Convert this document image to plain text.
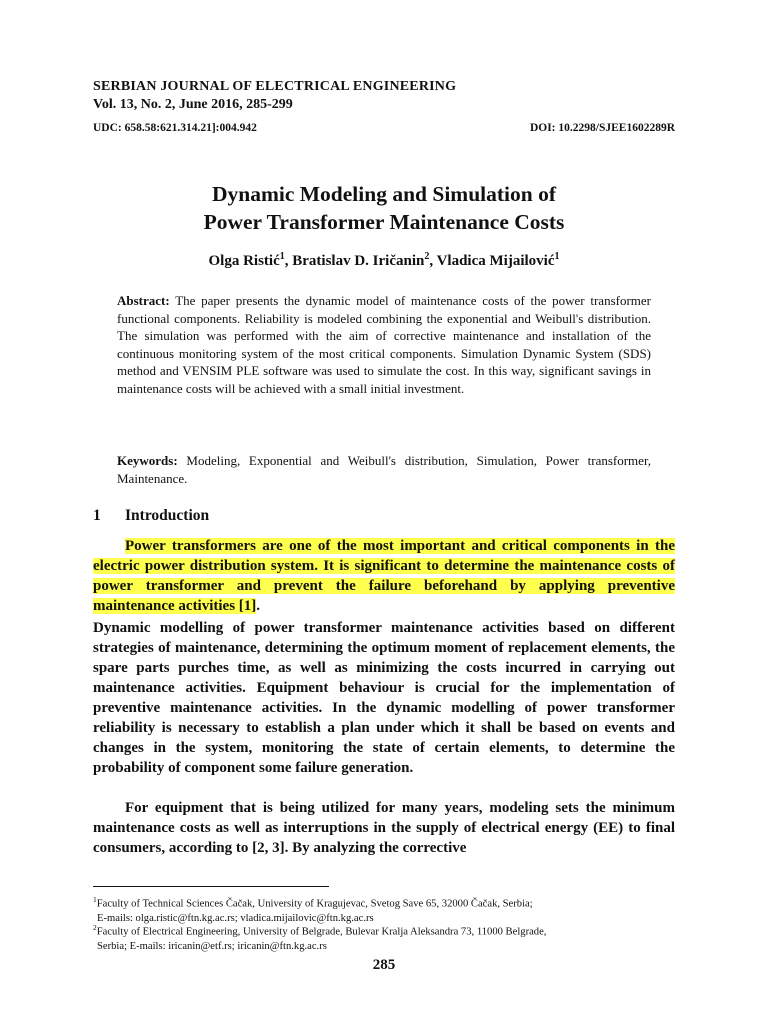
SERBIAN JOURNAL OF ELECTRICAL ENGINEERING
Vol. 13, No. 2, June 2016, 285-299
UDC: 658.58:621.314.21]:004.942	DOI: 10.2298/SJEE1602289R
Dynamic Modeling and Simulation of
Power Transformer Maintenance Costs
Olga Ristić$^1$, Bratislav D. Iričanin$^2$, Vladica Mijailović$^1$
Abstract: The paper presents the dynamic model of maintenance costs of the power transformer functional components. Reliability is modeled combining the exponential and Weibull's distribution. The simulation was performed with the aim of corrective maintenance and installation of the continuous monitoring system of the most critical components. Simulation Dynamic System (SDS) method and VENSIM PLE software was used to simulate the cost. In this way, significant savings in maintenance costs will be achieved with a small initial investment.
Keywords: Modeling, Exponential and Weibull's distribution, Simulation, Power transformer, Maintenance.
1 Introduction
Power transformers are one of the most important and critical components in the electric power distribution system. It is significant to determine the maintenance costs of power transformer and prevent the failure beforehand by applying preventive maintenance activities [1].
Dynamic modelling of power transformer maintenance activities based on different strategies of maintenance, determining the optimum moment of replacement elements, the spare parts purches time, as well as minimizing the costs incurred in carrying out maintenance activities. Equipment behaviour is crucial for the implementation of preventive maintenance activities. In the dynamic modelling of power transformer reliability is necessary to establish a plan under which it shall be based on events and changes in the system, monitoring the state of certain elements, to determine the probability of component some failure generation.
For equipment that is being utilized for many years, modeling sets the minimum maintenance costs as well as interruptions in the supply of electrical energy (EE) to final consumers, according to [2, 3]. By analyzing the corrective
$^1$Faculty of Technical Sciences Čačak, University of Kragujevac, Svetog Save 65, 32000 Čačak, Serbia;
E-mails: olga.ristic@ftn.kg.ac.rs; vladica.mijailovic@ftn.kg.ac.rs
$^2$Faculty of Electrical Engineering, University of Belgrade, Bulevar Kralja Aleksandra 73, 11000 Belgrade,
Serbia; E-mails: iricanin@etf.rs; iricanin@ftn.kg.ac.rs
285
